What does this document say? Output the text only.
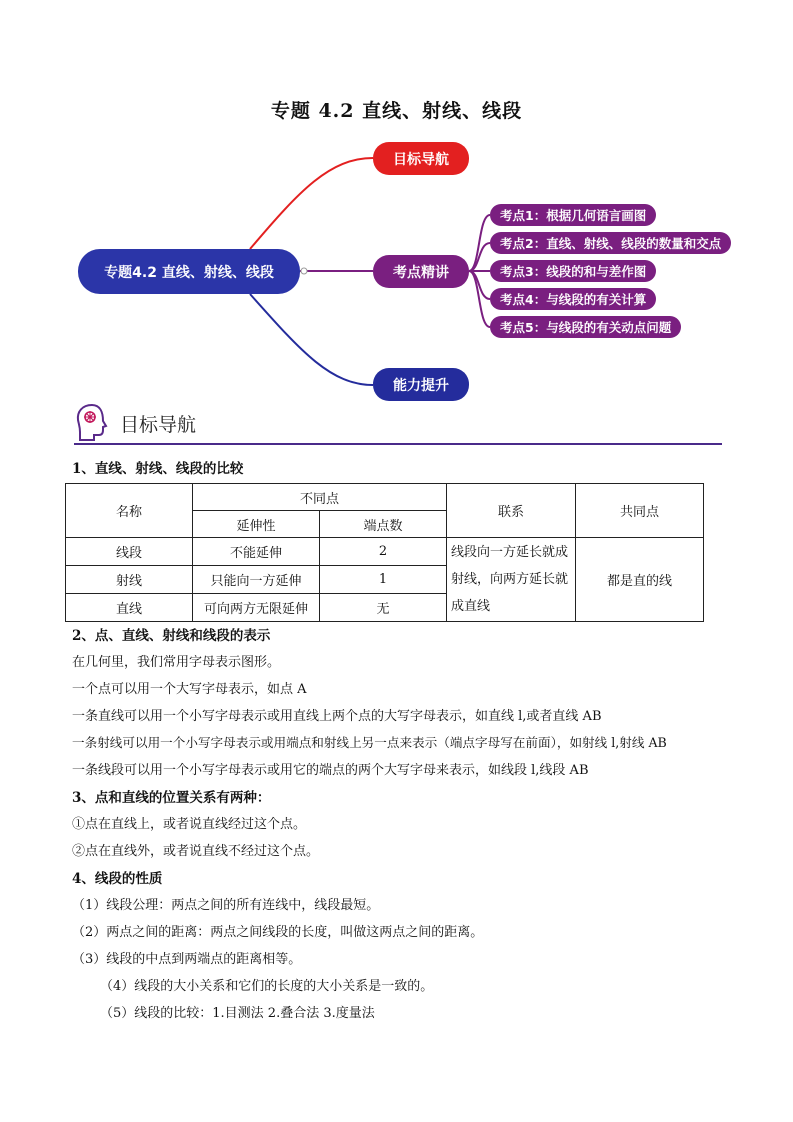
专题 4.2 直线、射线、线段
专题4.2 直线、射线、线段
目标导航
考点精讲
能力提升
考点1：根据几何语言画图
考点2：直线、射线、线段的数量和交点
考点3：线段的和与差作图
考点4：与线段的有关计算
考点5：与线段的有关动点问题
目标导航
1、直线、射线、线段的比较
名称	不同点		联系	共同点
	延伸性	端点数		
线段	不能延伸	2	线段向一方延长就成射线，向两方延长就成直线	都是直的线
射线	只能向一方延伸	1		
直线	可向两方无限延伸	无		
2、点、直线、射线和线段的表示
在几何里，我们常用字母表示图形。
一个点可以用一个大写字母表示，如点 A
一条直线可以用一个小写字母表示或用直线上两个点的大写字母表示，如直线 l,或者直线 AB
一条射线可以用一个小写字母表示或用端点和射线上另一点来表示（端点字母写在前面），如射线 l,射线 AB
一条线段可以用一个小写字母表示或用它的端点的两个大写字母来表示，如线段 l,线段 AB
3、点和直线的位置关系有两种：
①点在直线上，或者说直线经过这个点。
②点在直线外，或者说直线不经过这个点。
4、线段的性质
（1）线段公理：两点之间的所有连线中，线段最短。
（2）两点之间的距离：两点之间线段的长度，叫做这两点之间的距离。
（3）线段的中点到两端点的距离相等。
（4）线段的大小关系和它们的长度的大小关系是一致的。
（5）线段的比较：1.目测法 2.叠合法 3.度量法
